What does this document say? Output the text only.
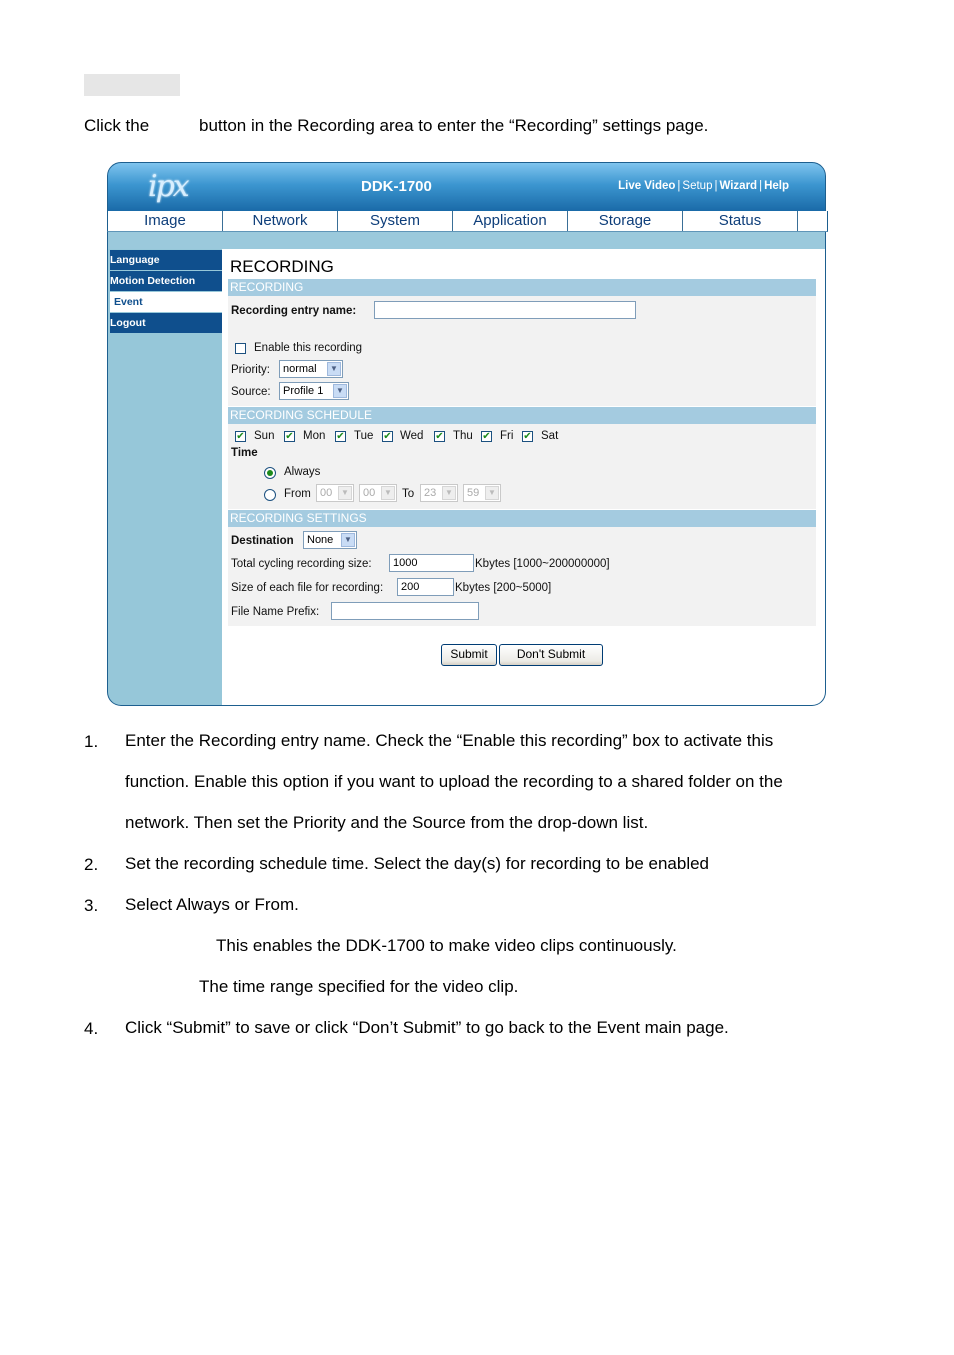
Click the	button in the Recording area to enter the “Recording” settings page.
ipx	DDK-1700	Live Video | Setup | Wizard | Help
Image	Network	System	Application	Storage	Status
Language
Motion Detection
Event
Logout
RECORDING
RECORDING
Recording entry name:
Enable this recording
Priority:	normal	▼
Source:	Profile 1	▼
RECORDING SCHEDULE
✔ Sun ✔ Mon ✔ Tue ✔ Wed ✔ Thu ✔ Fri ✔ Sat
Time
Always
From 00	▼	00	▼ To 23	▼	59	▼
RECORDING SETTINGS
Destination	None	▼
Total cycling recording size:
1000	Kbytes [1000~200000000]
Size of each file for recording:
200	Kbytes [200~5000]
File Name Prefix:
Submit	Don't Submit
1. Enter the Recording entry name. Check the “Enable this recording” box to activate this
function. Enable this option if you want to upload the recording to a shared folder on the
network. Then set the Priority and the Source from the drop-down list.
2. Set the recording schedule time. Select the day(s) for recording to be enabled
3. Select Always or From.
This enables the DDK-1700 to make video clips continuously.
The time range specified for the video clip.
4. Click “Submit” to save or click “Don’t Submit” to go back to the Event main page.
